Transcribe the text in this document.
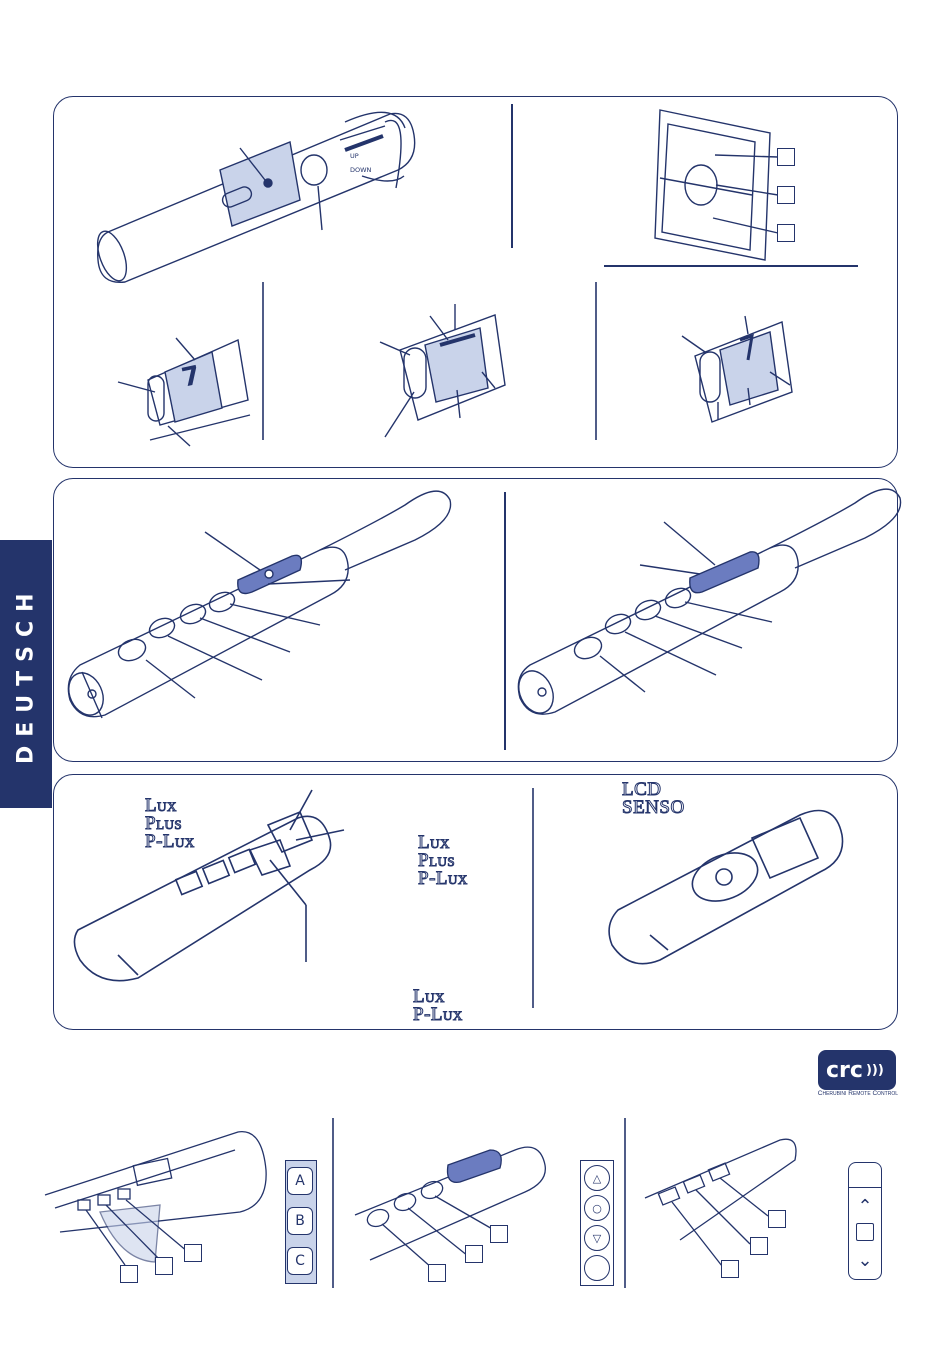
DEUTSCH
UP
DOWN
7
Lux
Plus
P-Lux	Lux
Plus
P-Lux
Lux
P-Lux
LCD
SENSO
crc )))
Cherubini Remote Control
A
B
C
△
○
▽
⌃
⌄
